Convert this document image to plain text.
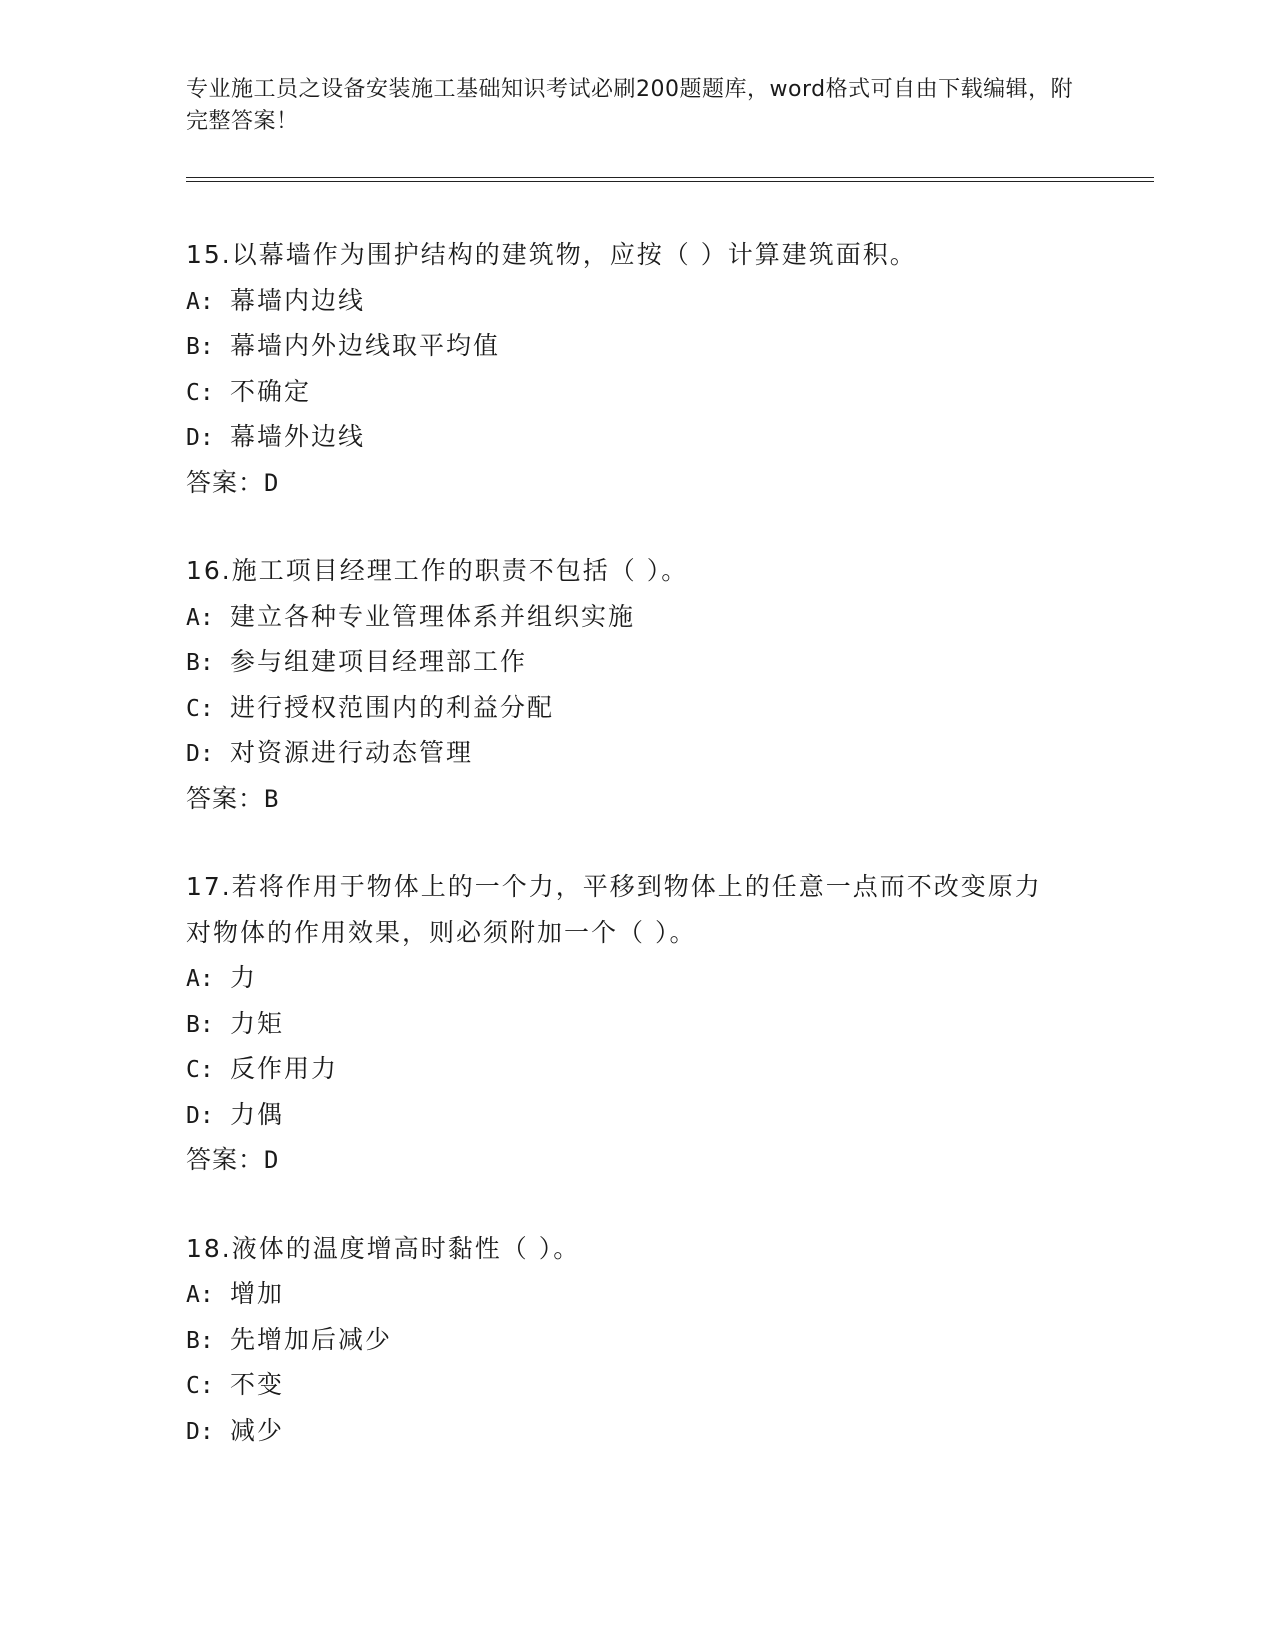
专业施工员之设备安装施工基础知识考试必刷200题题库，word格式可自由下载编辑，附完整答案！
15.以幕墙作为围护结构的建筑物，应按（ ）计算建筑面积。
A: 幕墙内边线
B: 幕墙内外边线取平均值
C: 不确定
D: 幕墙外边线
答案：D
16.施工项目经理工作的职责不包括（ ）。
A: 建立各种专业管理体系并组织实施
B: 参与组建项目经理部工作
C: 进行授权范围内的利益分配
D: 对资源进行动态管理
答案：B
17.若将作用于物体上的一个力，平移到物体上的任意一点而不改变原力对物体的作用效果，则必须附加一个（ ）。
A: 力
B: 力矩
C: 反作用力
D: 力偶
答案：D
18.液体的温度增高时黏性（ ）。
A: 增加
B: 先增加后减少
C: 不变
D: 减少
